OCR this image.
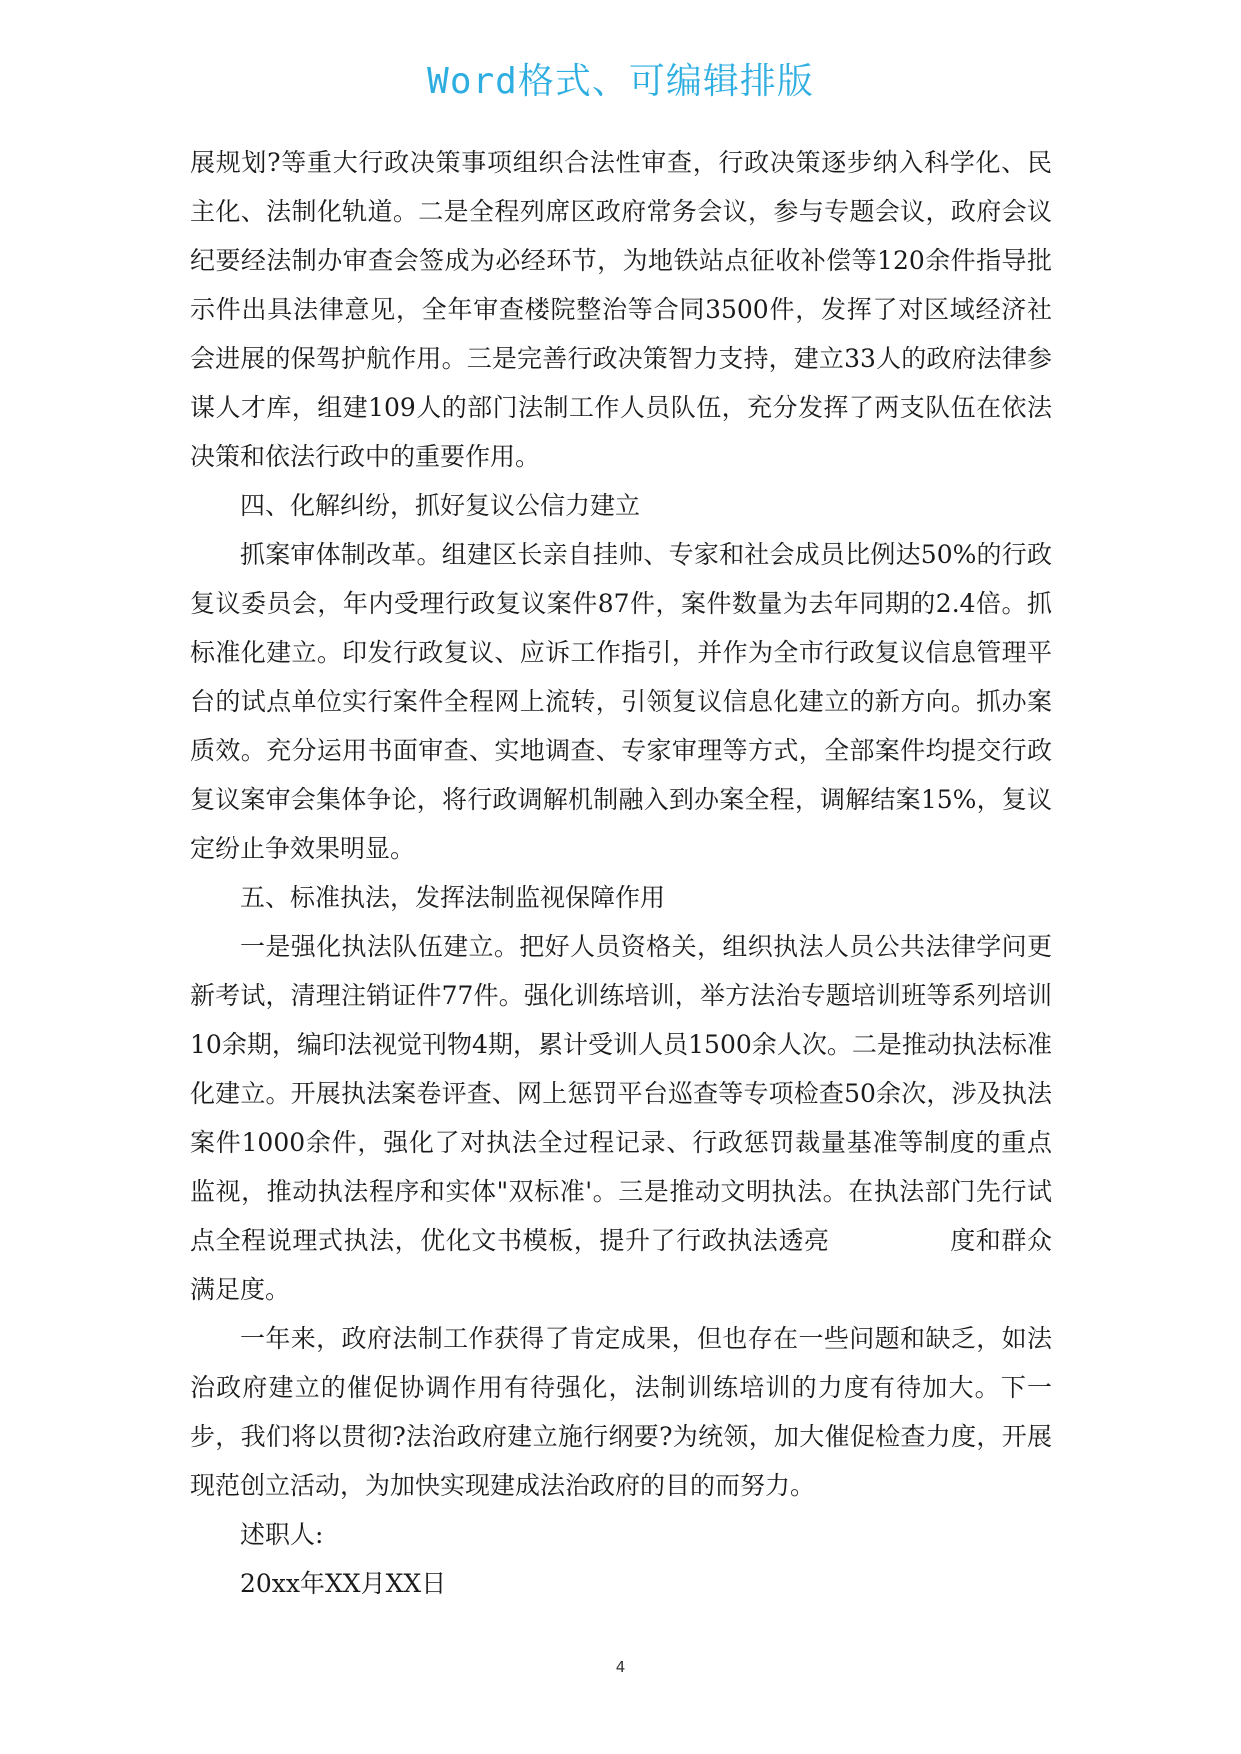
Word格式、可编辑排版

展规划?等重大行政决策事项组织合法性审查，行政决策逐步纳入科学化、民主化、法制化轨道。二是全程列席区政府常务会议，参与专题会议，政府会议纪要经法制办审查会签成为必经环节，为地铁站点征收补偿等120余件指导批示件出具法律意见，全年审查楼院整治等合同3500件，发挥了对区域经济社会进展的保驾护航作用。三是完善行政决策智力支持，建立33人的政府法律参谋人才库，组建109人的部门法制工作人员队伍，充分发挥了两支队伍在依法决策和依法行政中的重要作用。

四、化解纠纷，抓好复议公信力建立

抓案审体制改革。组建区长亲自挂帅、专家和社会成员比例达50%的行政复议委员会，年内受理行政复议案件87件，案件数量为去年同期的2.4倍。抓标准化建立。印发行政复议、应诉工作指引，并作为全市行政复议信息管理平台的试点单位实行案件全程网上流转，引领复议信息化建立的新方向。抓办案质效。充分运用书面审查、实地调查、专家审理等方式，全部案件均提交行政复议案审会集体争论，将行政调解机制融入到办案全程，调解结案15%，复议定纷止争效果明显。

五、标准执法，发挥法制监视保障作用

一是强化执法队伍建立。把好人员资格关，组织执法人员公共法律学问更新考试，清理注销证件77件。强化训练培训，举方法治专题培训班等系列培训10余期，编印法视觉刊物4期，累计受训人员1500余人次。二是推动执法标准化建立。开展执法案卷评查、网上惩罚平台巡查等专项检查50余次，涉及执法案件1000余件，强化了对执法全过程记录、行政惩罚裁量基准等制度的重点监视，推动执法程序和实体"双标准'。三是推动文明执法。在执法部门先行试点全程说理式执法，优化文书模板，提升了行政执法透亮	度和群众满足度。

一年来，政府法制工作获得了肯定成果，但也存在一些问题和缺乏，如法治政府建立的催促协调作用有待强化，法制训练培训的力度有待加大。下一步，我们将以贯彻?法治政府建立施行纲要?为统领，加大催促检查力度，开展现范创立活动，为加快实现建成法治政府的目的而努力。

述职人:

20xx年XX月XX日

4
